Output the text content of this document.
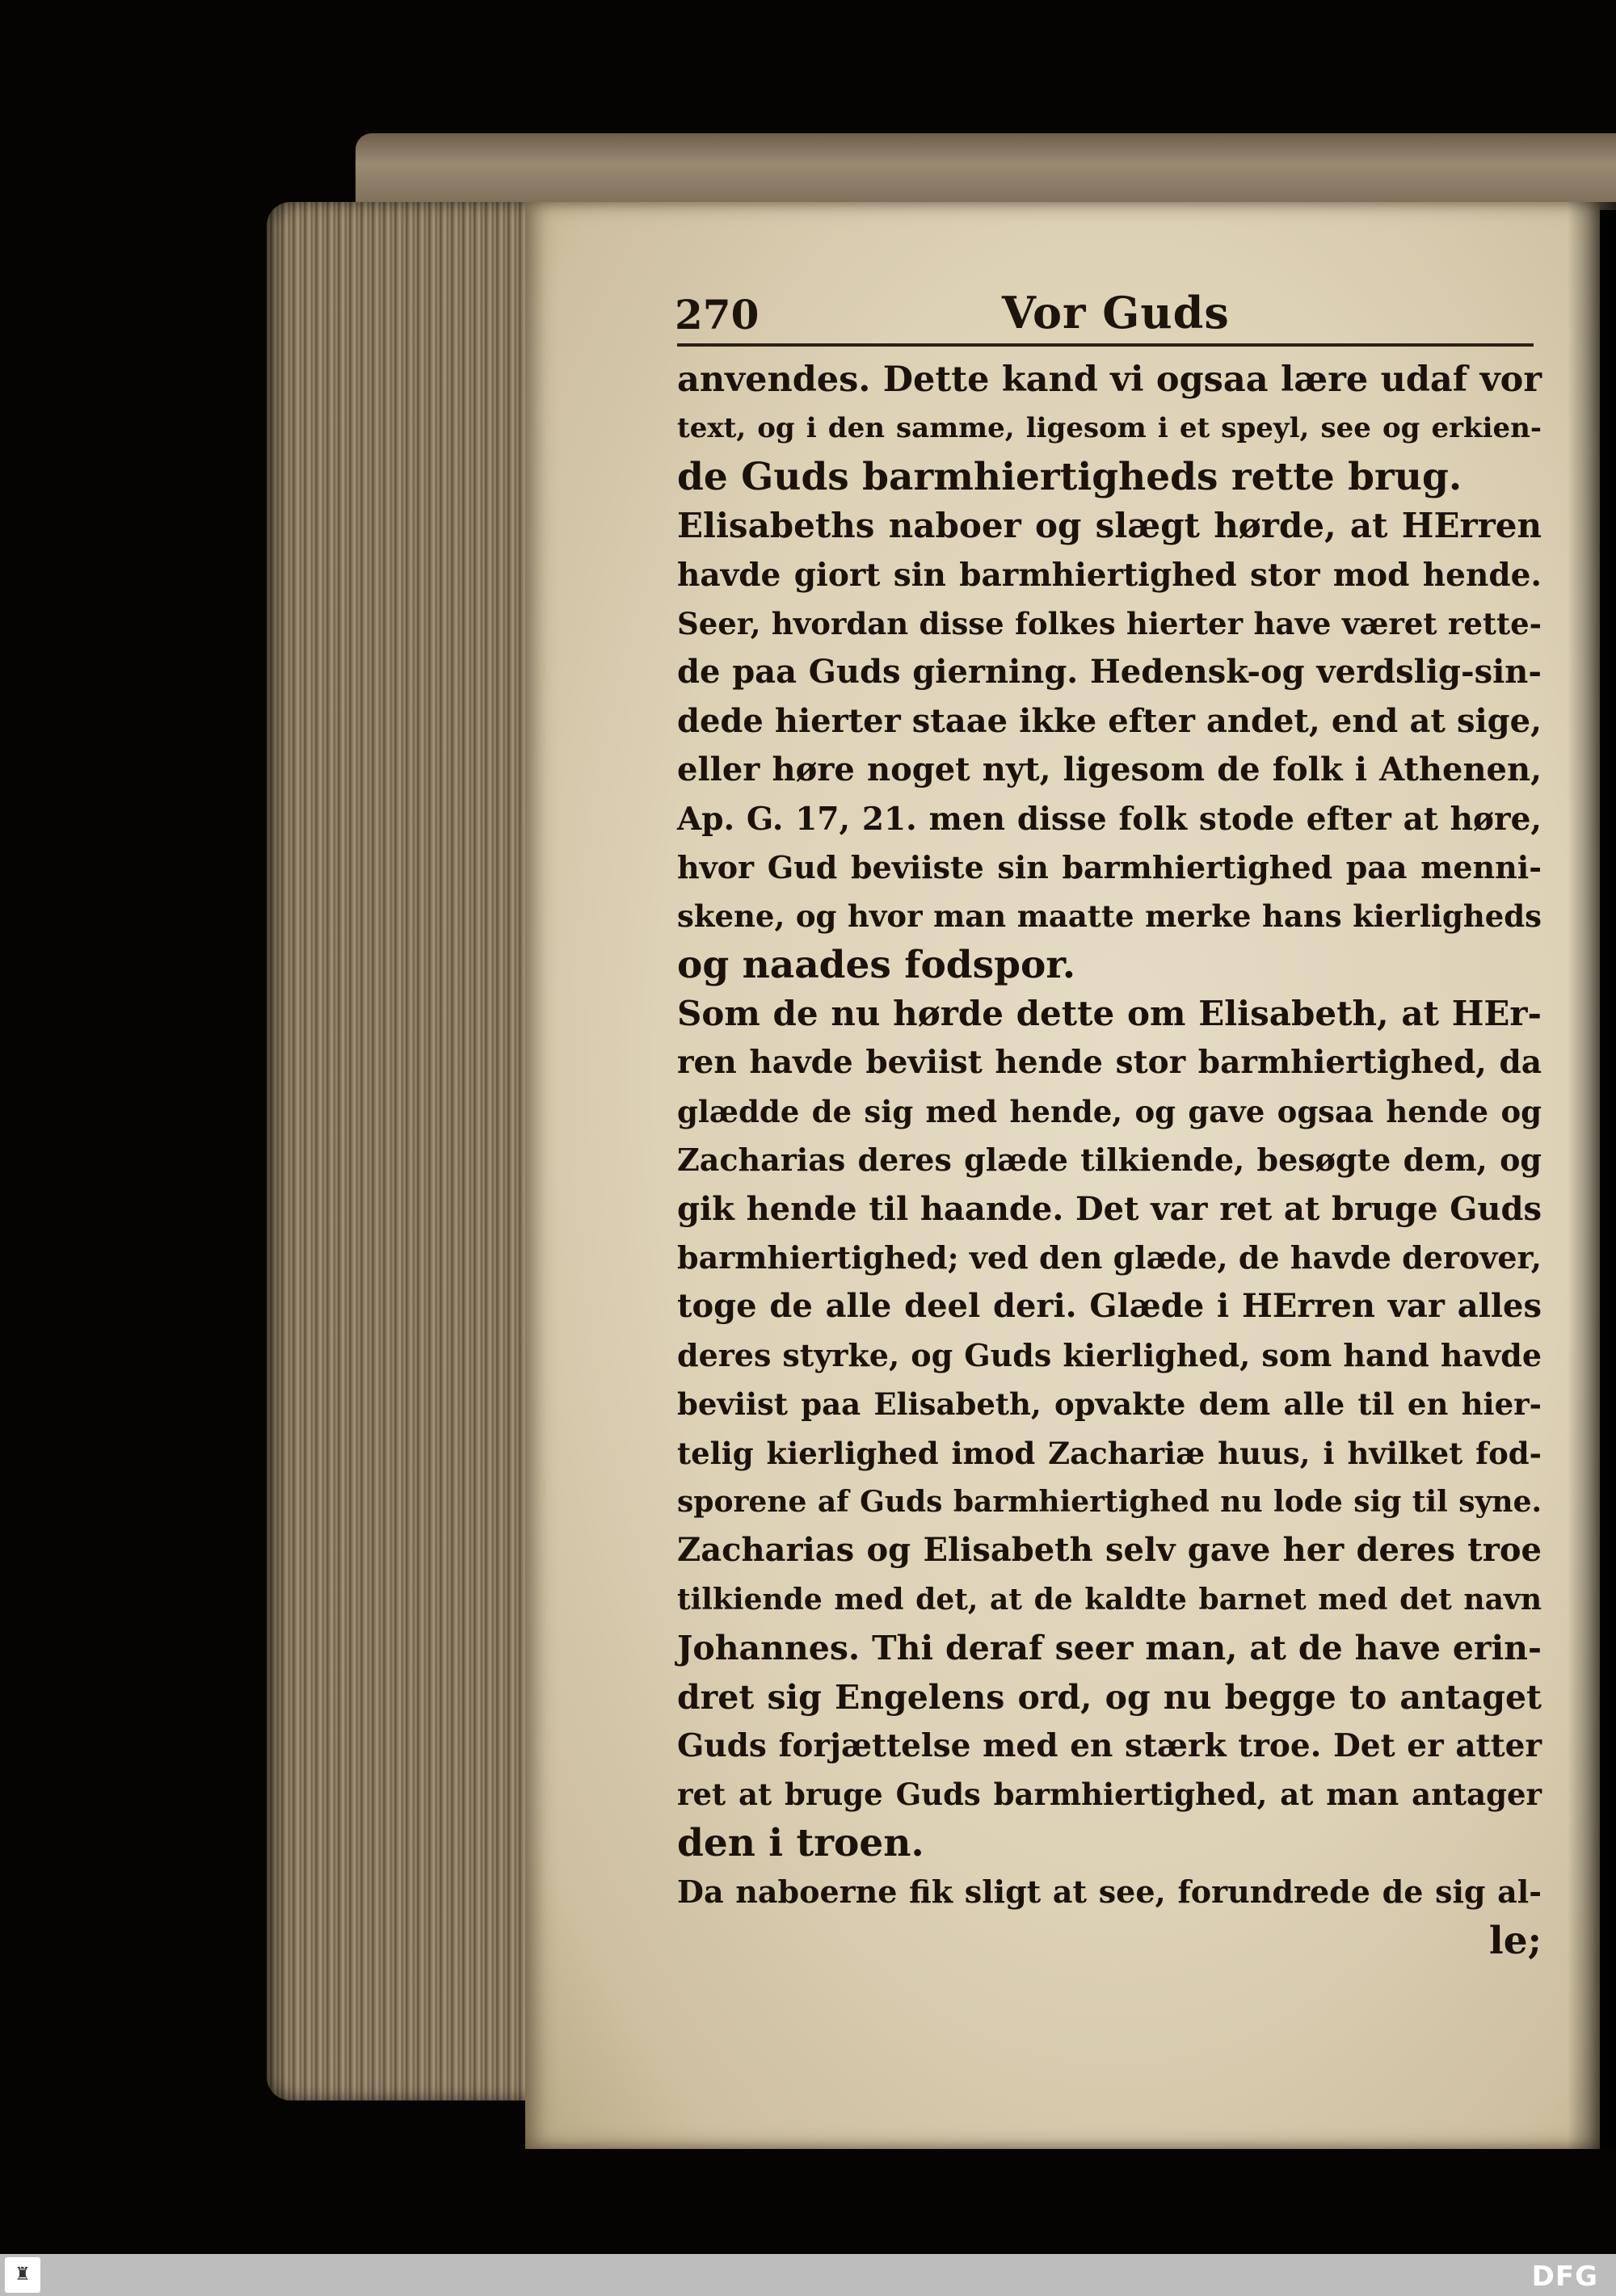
270	Vor Guds
anvendes. Dette kand vi ogsaa lære udaf vor
text, og i den samme, ligesom i et speyl, see og erkien-
de Guds barmhiertigheds rette brug.
Elisabeths naboer og slægt hørde, at HErren
havde giort sin barmhiertighed stor mod hende.
Seer, hvordan disse folkes hierter have været rette-
de paa Guds gierning. Hedensk-og verdslig-sin-
dede hierter staae ikke efter andet, end at sige,
eller høre noget nyt, ligesom de folk i Athenen,
Ap. G. 17, 21. men disse folk stode efter at høre,
hvor Gud beviiste sin barmhiertighed paa menni-
skene, og hvor man maatte merke hans kierligheds
og naades fodspor.
Som de nu hørde dette om Elisabeth, at HEr-
ren havde beviist hende stor barmhiertighed, da
glædde de sig med hende, og gave ogsaa hende og
Zacharias deres glæde tilkiende, besøgte dem, og
gik hende til haande. Det var ret at bruge Guds
barmhiertighed; ved den glæde, de havde derover,
toge de alle deel deri. Glæde i HErren var alles
deres styrke, og Guds kierlighed, som hand havde
beviist paa Elisabeth, opvakte dem alle til en hier-
telig kierlighed imod Zachariæ huus, i hvilket fod-
sporene af Guds barmhiertighed nu lode sig til syne.
Zacharias og Elisabeth selv gave her deres troe
tilkiende med det, at de kaldte barnet med det navn
Johannes. Thi deraf seer man, at de have erin-
dret sig Engelens ord, og nu begge to antaget
Guds forjættelse med en stærk troe. Det er atter
ret at bruge Guds barmhiertighed, at man antager
den i troen.
Da naboerne fik sligt at see, forundrede de sig al-
le;
♜	DFG
